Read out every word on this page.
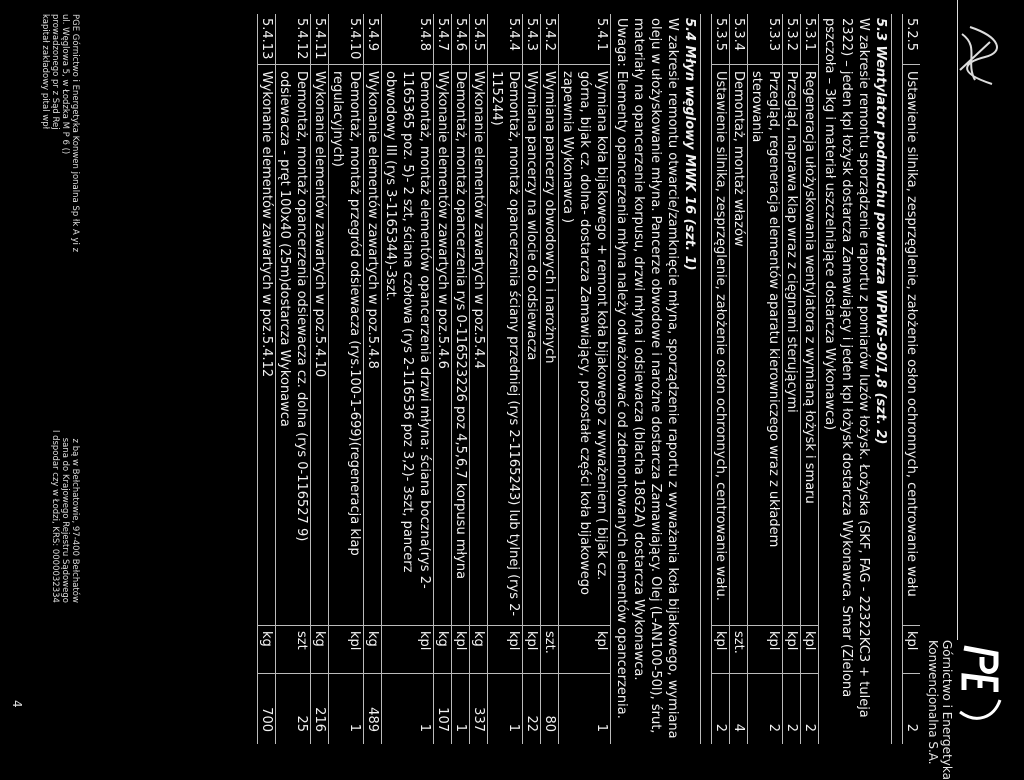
Górnictwo i Energetyka
Konwencjonalna S.A.
5.2.5
Ustawienie silnika, zesprzęglenie, założenie osłon ochronnych, centrowanie wału
kpl
2
5.3 Wentylator podmuchu powietrza WPWS-90/1,8 (szt. 2)
W zakresie remontu sporządzenie raportu z pomiarów luzów łożysk. Łożyska (SKF, FAG - 22322KC3 + tuleja 2322) – jeden kpl łożysk dostarcza Zamawiający i jeden kpl łożysk dostarcza Wykonawca. Smar (Zielona pszczoła – 3kg i materiał uszczelniające dostarcza Wykonawca)
5.3.1
Regeneracja ułożyskowania wentylatora z wymianą łożysk i smaru
kpl
2
5.3.2
Przegląd, naprawa klap wraz z cięgnami sterującymi
kpl
2
5.3.3
Przegląd, regeneracja elementów aparatu kierowniczego wraz z układem sterowania
kpl
2
5.3.4
Demontaż, montaż włazów
szt.
4
5.3.5
Ustawienie silnika, zesprzęglenie, założenie osłon ochronnych, centrowanie wału.
kpl
2
5.4 Młyn węglowy MWK 16 (szt. 1)
W zakresie remontu otwarcie/zamknięcie młyna, sporządzenie raportu z wyważania koła bijakowego, wymiana oleju w ułożyskowanie młyna. Pancerze obwodowe i narożne dostarcza Zamawiający. Olej (L-AN100-50l), śrut, materiały na opancerzenie korpusu, drzwi młyna i odsiewacza (blacha 18G2A) dostarcza Wykonawca.
Uwaga: Elementy opancerzenia młyna należy odważorować od zdemontowanych elementów opancerzenia.
5.4.1
Wymiana koła bijakowego + remont koła bijakowego z wyważeniem ( bijak cz. górna, bijak cz. dolna- dostarcza Zamawiający, pozostałe części koła bijakowego zapewnia Wykonawca )
kpl
1
5.4.2
Wymiana pancerzy obwodowych i narożnych
szt.
80
5.4.3
Wymiana pancerzy na wlocie do odsiewacza
kpl
22
5.4.4
Demontaż, montaż opancerzenia ściany przedniej (rys 2-1165243) lub tylnej (rys 2-115244)
kpl
1
5.4.5
Wykonanie elementów zawartych w poz.5.4.4
kg
337
5.4.6
Demontaż, montaż opancerzenia rys 0-116523226 poz 4,5,6,7 korpusu młyna
kpl
1
5.4.7
Wykonanie elementów zawartych w poz.5.4.6
kg
107
5.4.8
Demontaż, montaż elementów opancerzenia drzwi młyna: ściana boczna(rys 2-1165365 poz. 5)- 2 szt, ściana czołowa (rys 2-116536 poz 3,2)- 3szt, pancerz obwodowy III (rys 3-1165344)-3szt.
kpl
1
5.4.9
Wykonanie elementów zawartych w poz.5.4.8
kg
489
5.4.10
Demontaż, montaż przegród odsiewacza (rys.100-1-699)(regeneracja klap regulacyjnych)
kpl
1
5.4.11
Wykonanie elementów zawartych w poz.5.4.10
kg
216
5.4.12
Demontaż, montaż opancerzenia odsiewacza cz. dolna (rys 0-116527 9) odsiewacza - pręt 100x40 (25m)dostarcza Wykonawca
szt
25
5.4.13
Wykonanie elementów zawartych w poz.5.4.12
kg
700
PGE Górnictwo i Energetyka Konwen jonalna Sp łk A yi z
ul. Węglowa 5, w Łodzka M P 6 ()
prowadzonego pr z Sąd Rej
kapitał zakładowy pital wpł
z bą w Bełchatowie, 97-400 Bełchatów
sana do Krajowego Rejestru Sądowego
l dspodar czy w Łodzi, KRS: 0000032334
4
